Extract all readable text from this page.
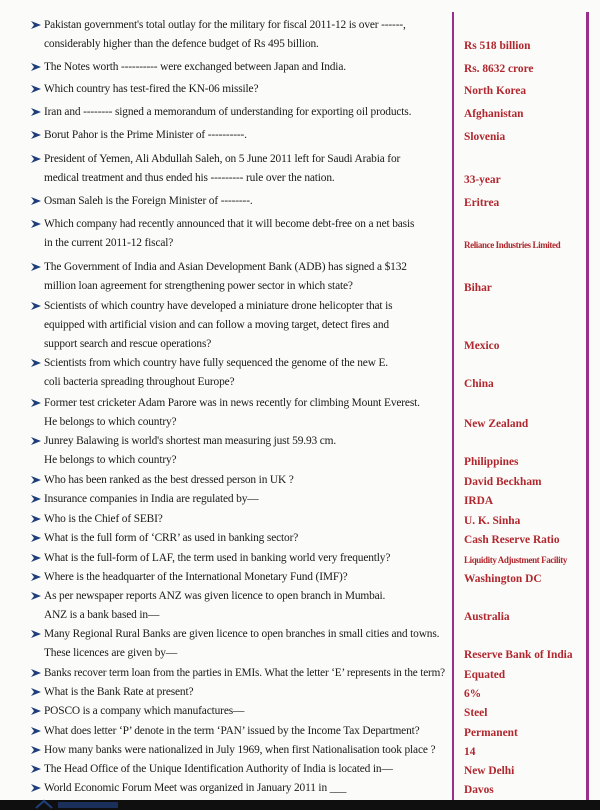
Pakistan government's total outlay for the military for fiscal 2011-12 is over ------,
considerably higher than the defence budget of Rs 495 billion.	Rs 518 billion
The Notes worth ---------- were exchanged between Japan and India.	Rs. 8632 crore
Which country has test-fired the KN-06 missile?	North Korea
Iran and -------- signed a memorandum of understanding for exporting oil products.	Afghanistan
Borut Pahor is the Prime Minister of ----------.	Slovenia
President of Yemen, Ali Abdullah Saleh, on 5 June 2011 left for Saudi Arabia for
medical treatment and thus ended his --------- rule over the nation.	33-year
Osman Saleh is the Foreign Minister of --------.	Eritrea
Which company had recently announced that it will become debt-free on a net basis
in the current 2011-12 fiscal?	Reliance Industries Limited
The Government of India and Asian Development Bank (ADB) has signed a $132
million loan agreement for strengthening power sector in which state?	Bihar
Scientists of which country have developed a miniature drone helicopter that is
equipped with artificial vision and can follow a moving target, detect fires and
support search and rescue operations?	Mexico
Scientists from which country have fully sequenced the genome of the new E.
coli bacteria spreading throughout Europe?	China
Former test cricketer Adam Parore was in news recently for climbing Mount Everest.
He belongs to which country?	New Zealand
Junrey Balawing is world's shortest man measuring just 59.93 cm.
He belongs to which country?	Philippines
Who has been ranked as the best dressed person in UK ?	David Beckham
Insurance companies in India are regulated by—	IRDA
Who is the Chief of SEBI?	U. K. Sinha
What is the full form of ‘CRR’ as used in banking sector?	Cash Reserve Ratio
What is the full-form of LAF, the term used in banking world very frequently?	Liquidity Adjustment Facility
Where is the headquarter of the International Monetary Fund (IMF)?	Washington DC
As per newspaper reports ANZ was given licence to open branch in Mumbai.
ANZ is a bank based in—	Australia
Many Regional Rural Banks are given licence to open branches in small cities and towns.
These licences are given by—	Reserve Bank of India
Banks recover term loan from the parties in EMIs. What the letter ‘E’ represents in the term? Equated
What is the Bank Rate at present?	6%
POSCO is a company which manufactures—	Steel
What does letter ‘P’ denote in the term ‘PAN’ issued by the Income Tax Department?	Permanent
How many banks were nationalized in July 1969, when first Nationalisation took place ?	14
The Head Office of the Unique Identification Authority of India is located in—	New Delhi
World Economic Forum Meet was organized in January 2011 in ___	Davos
